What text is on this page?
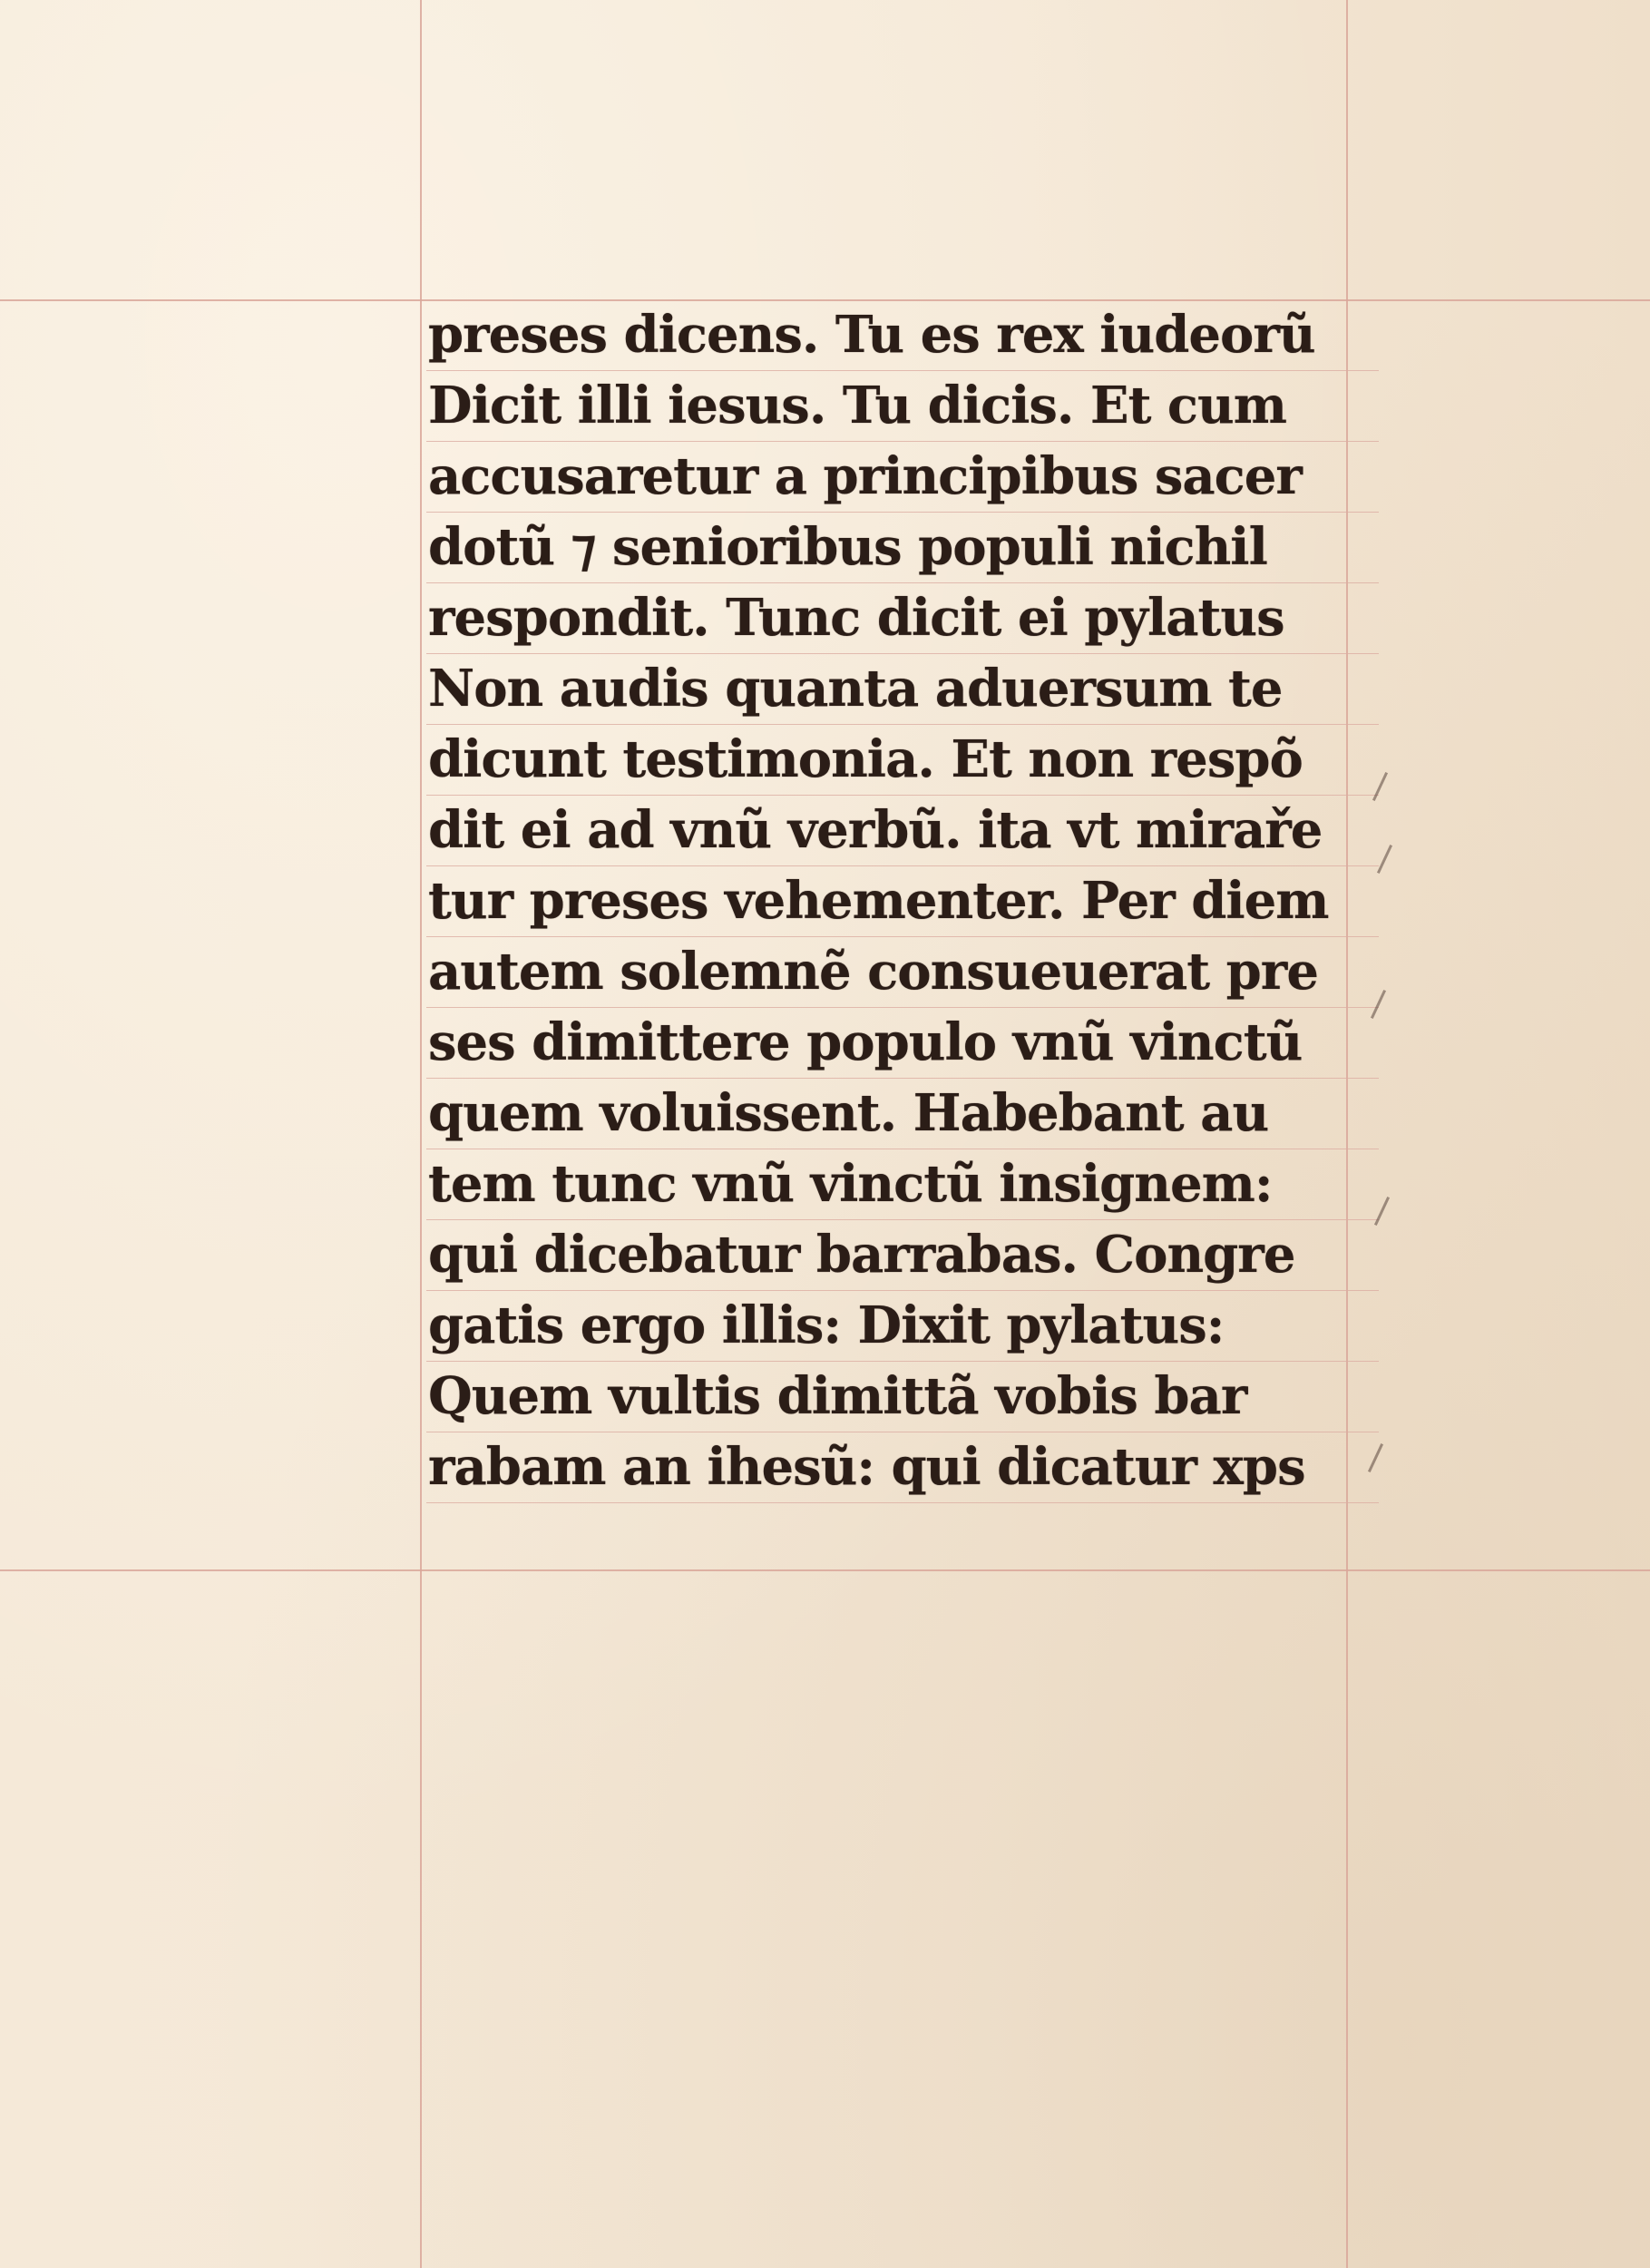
preses dicens. Tu es rex iudeorũ
Dicit illi iesus. Tu dicis. Et cum
accusaretur a principibus sacer
dotũ ⁊ senioribus populi nichil
respondit. Tunc dicit ei pylatus
Non audis quanta aduersum te
dicunt testimonia. Et non respõ
dit ei ad vnũ verbũ. ita vt miraře
tur preses vehementer. Per diem
autem solemnẽ consueuerat pre
ses dimittere populo vnũ vinctũ
quem voluissent. Habebant au
tem tunc vnũ vinctũ insignem:
qui dicebatur barrabas. Congre
gatis ergo illis: Dixit pylatus:
Quem vultis dimittã vobis bar
rabam an ihesũ: qui dicatur xps
